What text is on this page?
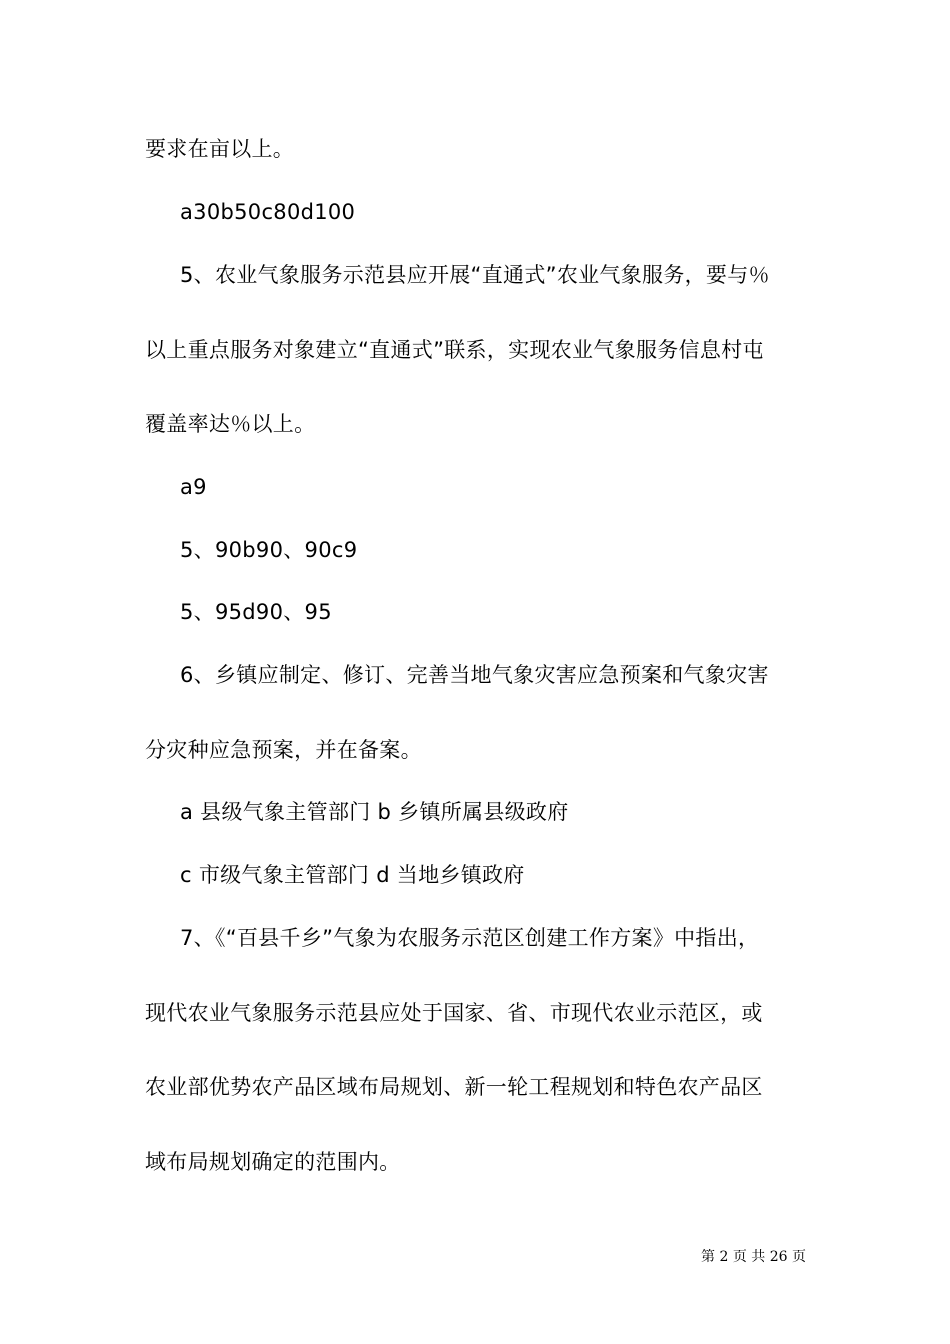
要求在亩以上。
a30b50c80d100
5、农业气象服务示范县应开展“直通式”农业气象服务，要与％
以上重点服务对象建立“直通式”联系，实现农业气象服务信息村屯
覆盖率达％以上。
a9
5、90b90、90c9
5、95d90、95
6、乡镇应制定、修订、完善当地气象灾害应急预案和气象灾害
分灾种应急预案，并在备案。
a 县级气象主管部门 b 乡镇所属县级政府
c 市级气象主管部门 d 当地乡镇政府
7、《“百县千乡”气象为农服务示范区创建工作方案》中指出，
现代农业气象服务示范县应处于国家、省、市现代农业示范区，或
农业部优势农产品区域布局规划、新一轮工程规划和特色农产品区
域布局规划确定的范围内。
第 2 页 共 26 页
